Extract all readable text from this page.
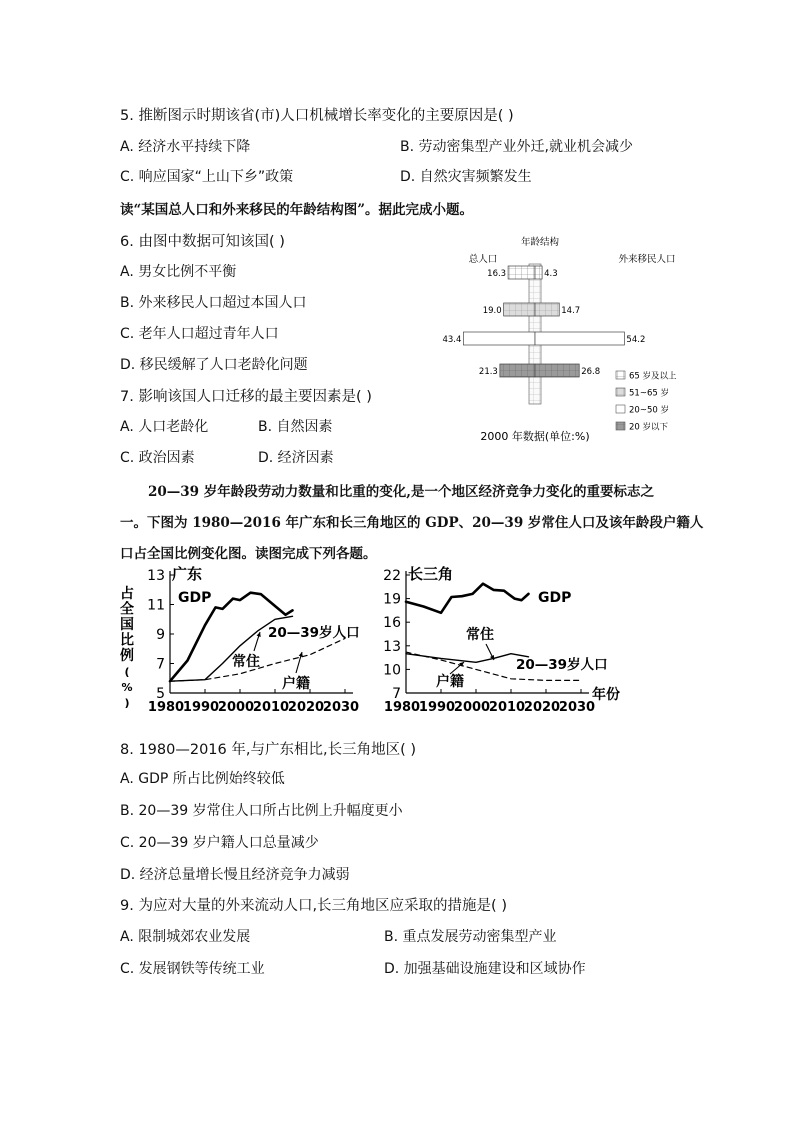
5. 推断图示时期该省(市)人口机械增长率变化的主要原因是( )
A. 经济水平持续下降	B. 劳动密集型产业外迁,就业机会减少
C. 响应国家“上山下乡”政策	D. 自然灾害频繁发生
读“某国总人口和外来移民的年龄结构图”。据此完成小题。
6. 由图中数据可知该国( )
A. 男女比例不平衡
B. 外来移民人口超过本国人口
C. 老年人口超过青年人口
D. 移民缓解了人口老龄化问题
7. 影响该国人口迁移的最主要因素是( )
A. 人口老龄化	B. 自然因素
C. 政治因素	D. 经济因素
年龄结构
总人口	外来移民人口
16.3	4.3
19.0	14.7
43.4	54.2
21.3	26.8	65 岁及以上
51~65 岁
20~50 岁
20 岁以下
2000 年数据(单位:%)
20—39 岁年龄段劳动力数量和比重的变化,是一个地区经济竞争力变化的重要标志之
一。下图为 1980—2016 年广东和长三角地区的 GDP、20—39 岁常住人口及该年龄段户籍人
口占全国比例变化图。读图完成下列各题。
占全国比例( % )
13
11
9
7
5
1980
1990
2000
2010
2020
2030
广东
GDP
20—39岁人口
常住
户籍
22
19
16
13
10
7
1980
1990
2000
2010
2020
2030
长三角
GDP
20—39岁人口
常住
户籍
年份
8. 1980—2016 年,与广东相比,长三角地区( )
A. GDP 所占比例始终较低
B. 20—39 岁常住人口所占比例上升幅度更小
C. 20—39 岁户籍人口总量减少
D. 经济总量增长慢且经济竞争力减弱
9. 为应对大量的外来流动人口,长三角地区应采取的措施是( )
A. 限制城郊农业发展	B. 重点发展劳动密集型产业
C. 发展钢铁等传统工业	D. 加强基础设施建设和区域协作
